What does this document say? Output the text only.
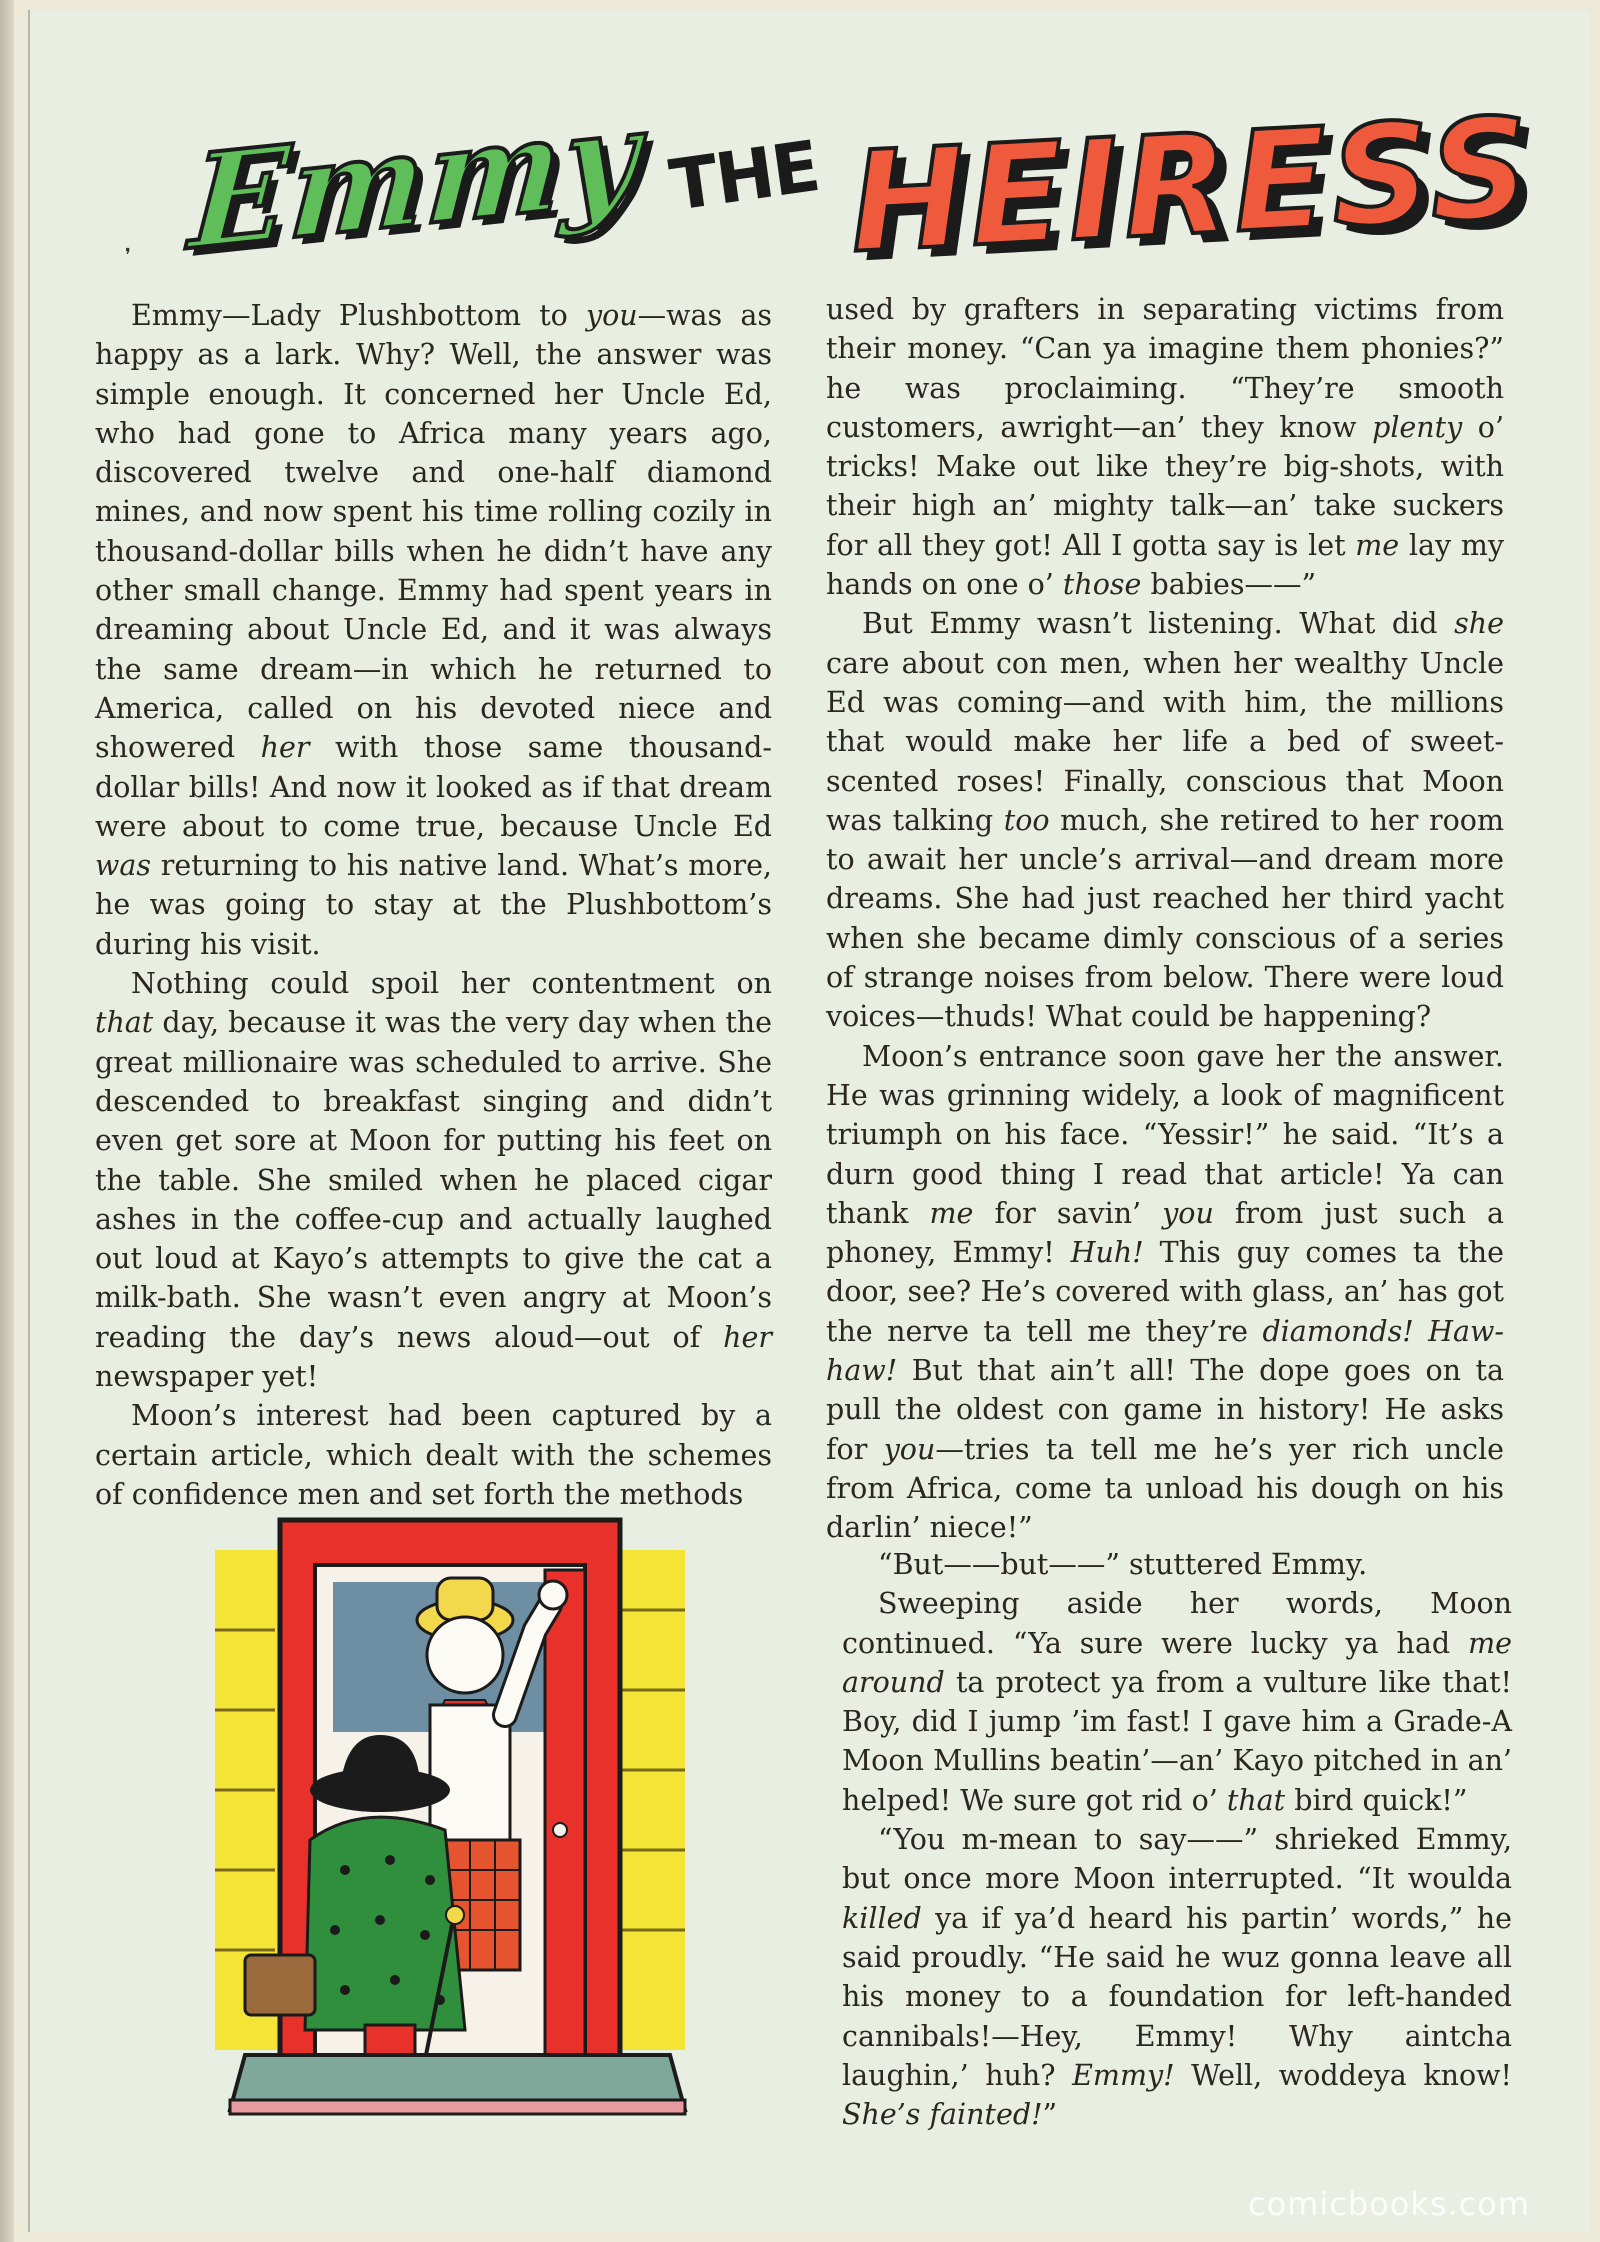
❜ Emmy THE HEIRESS

Emmy—Lady Plushbottom to you—was as happy as a lark. Why? Well, the answer was simple enough. It concerned her Uncle Ed, who had gone to Africa many years ago, discovered twelve and one-half diamond mines, and now spent his time rolling cozily in thousand-dollar bills when he didn’t have any other small change. Emmy had spent years in dreaming about Uncle Ed, and it was always the same dream—in which he returned to America, called on his devoted niece and showered her with those same thousand-dollar bills! And now it looked as if that dream were about to come true, because Uncle Ed was returning to his native land. What’s more, he was going to stay at the Plushbottom’s during his visit.

Nothing could spoil her contentment on that day, because it was the very day when the great millionaire was scheduled to arrive. She descended to breakfast singing and didn’t even get sore at Moon for putting his feet on the table. She smiled when he placed cigar ashes in the coffee-cup and actually laughed out loud at Kayo’s attempts to give the cat a milk-bath. She wasn’t even angry at Moon’s reading the day’s news aloud—out of her newspaper yet!

Moon’s interest had been captured by a certain article, which dealt with the schemes of confidence men and set forth the methods

used by grafters in separating victims from their money. “Can ya imagine them phonies?” he was proclaiming. “They’re smooth customers, awright—an’ they know plenty o’ tricks! Make out like they’re big-shots, with their high an’ mighty talk—an’ take suckers for all they got! All I gotta say is let me lay my hands on one o’ those babies——”

But Emmy wasn’t listening. What did she care about con men, when her wealthy Uncle Ed was coming—and with him, the millions that would make her life a bed of sweet-scented roses! Finally, conscious that Moon was talking too much, she retired to her room to await her uncle’s arrival—and dream more dreams. She had just reached her third yacht when she became dimly conscious of a series of strange noises from below. There were loud voices—thuds! What could be happening?

Moon’s entrance soon gave her the answer. He was grinning widely, a look of magnificent triumph on his face. “Yessir!” he said. “It’s a durn good thing I read that article! Ya can thank me for savin’ you from just such a phoney, Emmy! Huh! This guy comes ta the door, see? He’s covered with glass, an’ has got the nerve ta tell me they’re diamonds! Haw-haw! But that ain’t all! The dope goes on ta pull the oldest con game in history! He asks for you—tries ta tell me he’s yer rich uncle from Africa, come ta unload his dough on his darlin’ niece!”

“But——but——” stuttered Emmy.

Sweeping aside her words, Moon continued. “Ya sure were lucky ya had me around ta protect ya from a vulture like that! Boy, did I jump ’im fast! I gave him a Grade-A Moon Mullins beatin’—an’ Kayo pitched in an’ helped! We sure got rid o’ that bird quick!”

“You m-mean to say——” shrieked Emmy, but once more Moon interrupted. “It woulda killed ya if ya’d heard his partin’ words,” he said proudly. “He said he wuz gonna leave all his money to a foundation for left-handed cannibals!—Hey, Emmy! Why aintcha laughin,’ huh? Emmy! Well, woddeya know! She’s fainted!”

comicbooks.com
